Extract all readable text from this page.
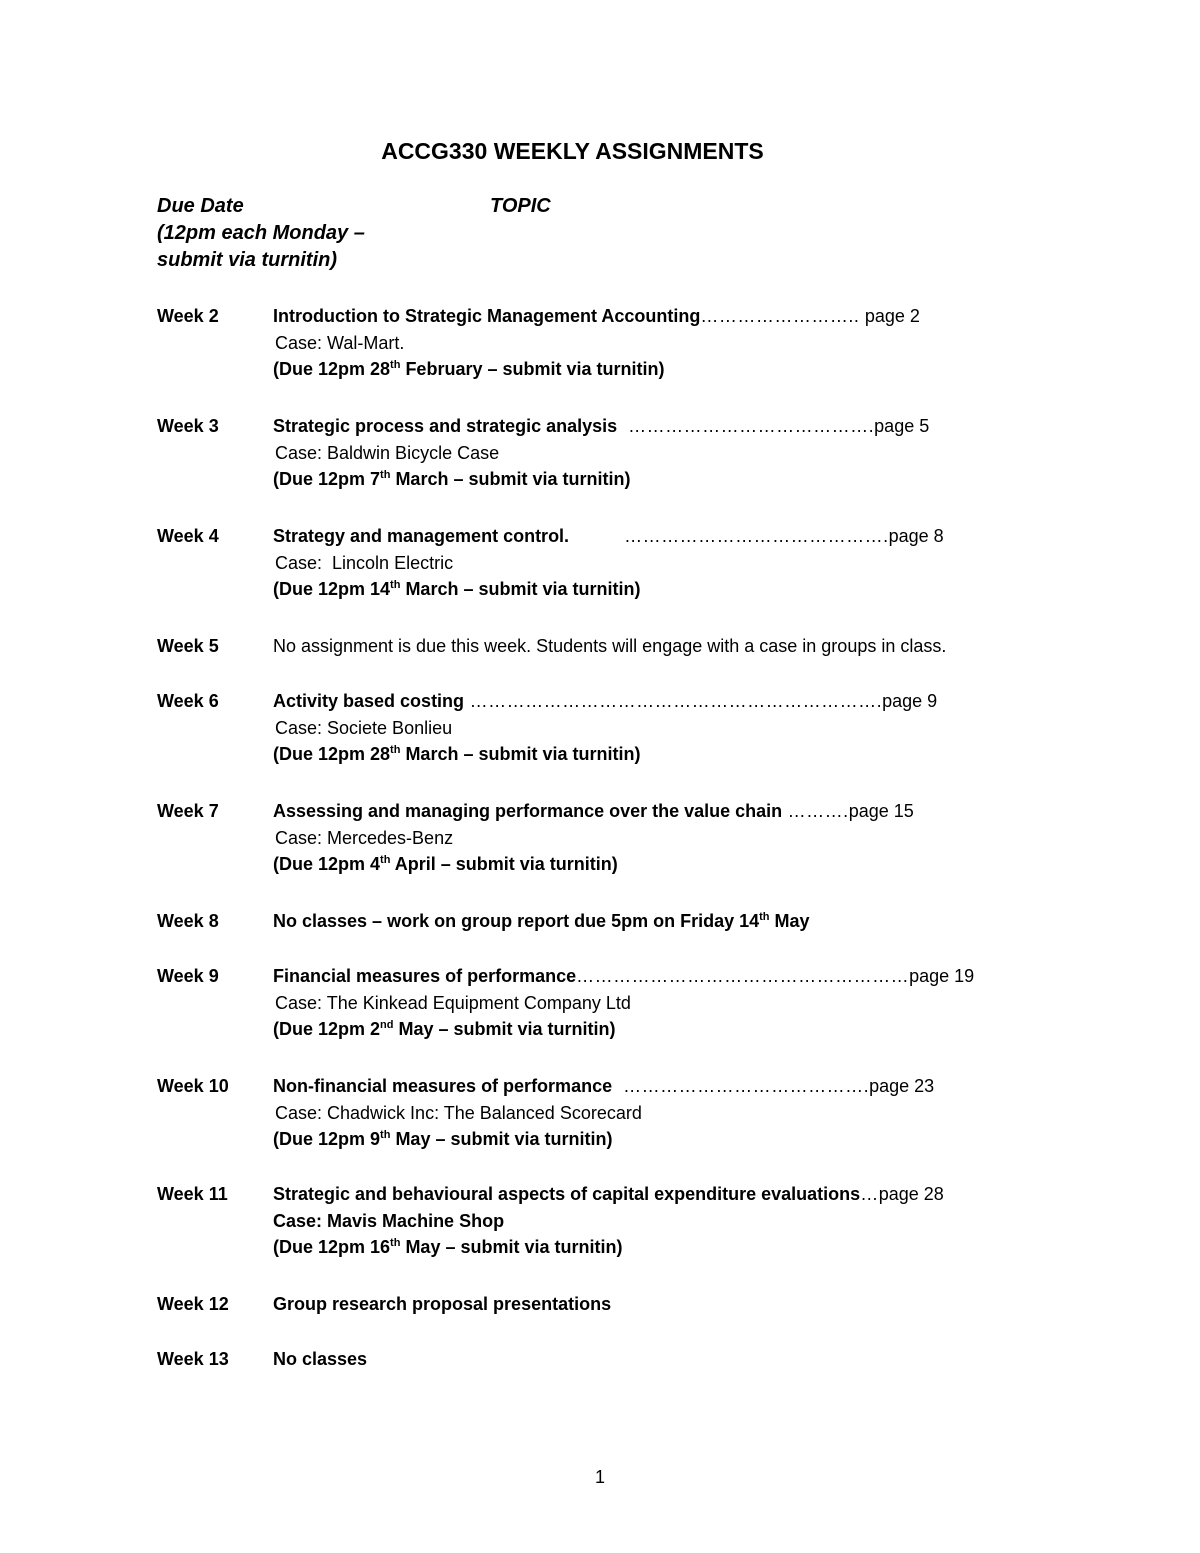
ACCG330 WEEKLY ASSIGNMENTS
Due Date
(12pm each Monday –
submit via turnitin)
TOPIC
Week 2	Introduction to Strategic Management Accounting…………………….. page 2
Case: Wal-Mart.
(Due 12pm 28th February – submit via turnitin)
Week 3	Strategic process and strategic analysis  ………………………………….page 5
Case: Baldwin Bicycle Case
(Due 12pm 7th March – submit via turnitin)
Week 4	Strategy and management control.          …………………………………….page 8
Case:  Lincoln Electric
(Due 12pm 14th March – submit via turnitin)
Week 5	No assignment is due this week. Students will engage with a case in groups in class.
Week 6	Activity based costing ………………………………………………………….page 9
Case: Societe Bonlieu
(Due 12pm 28th March – submit via turnitin)
Week 7	Assessing and managing performance over the value chain ……….page 15
Case: Mercedes-Benz
(Due 12pm 4th April – submit via turnitin)
Week 8	No classes – work on group report due 5pm on Friday 14th May
Week 9	Financial measures of performance………………………………………………page 19
Case: The Kinkead Equipment Company Ltd
(Due 12pm 2nd May – submit via turnitin)
Week 10 Non-financial measures of performance  ………………………………….page 23
Case: Chadwick Inc: The Balanced Scorecard
(Due 12pm 9th May – submit via turnitin)
Week 11	Strategic and behavioural aspects of capital expenditure evaluations…page 28
Case: Mavis Machine Shop
(Due 12pm 16th May – submit via turnitin)
Week 12 Group research proposal presentations
Week 13 No classes
1
